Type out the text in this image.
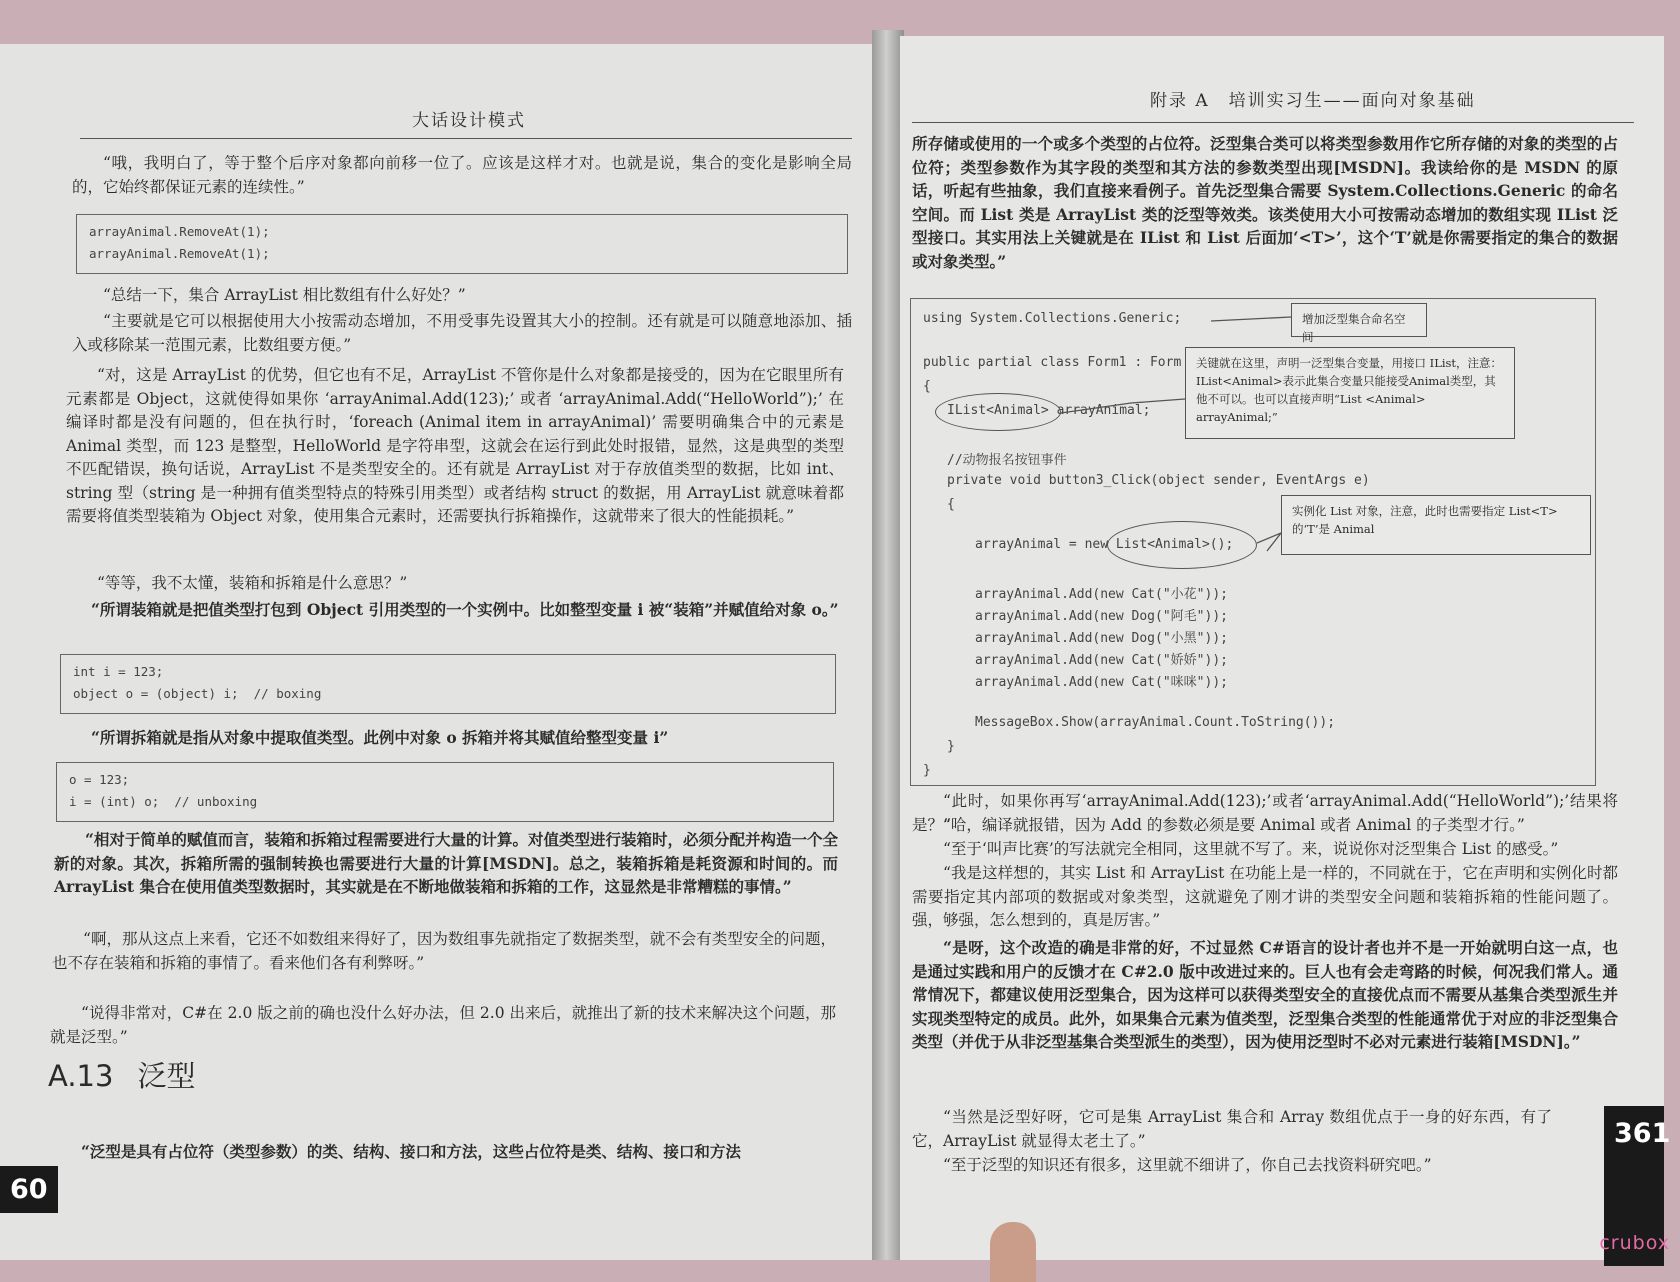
大话设计模式

“哦，我明白了，等于整个后序对象都向前移一位了。应该是这样才对。也就是说，集合的变化是影响全局的，它始终都保证元素的连续性。”

arrayAnimal.RemoveAt(1);
arrayAnimal.RemoveAt(1);

“总结一下，集合 ArrayList 相比数组有什么好处？”

“主要就是它可以根据使用大小按需动态增加，不用受事先设置其大小的控制。还有就是可以随意地添加、插入或移除某一范围元素，比数组要方便。”

“对，这是 ArrayList 的优势，但它也有不足，ArrayList 不管你是什么对象都是接受的，因为在它眼里所有元素都是 Object，这就使得如果你 ‘arrayAnimal.Add(123);’ 或者 ‘arrayAnimal.Add(“HelloWorld”);’ 在编译时都是没有问题的，但在执行时，‘foreach (Animal item in arrayAnimal)’ 需要明确集合中的元素是 Animal 类型，而 123 是整型，HelloWorld 是字符串型，这就会在运行到此处时报错，显然，这是典型的类型不匹配错误，换句话说，ArrayList 不是类型安全的。还有就是 ArrayList 对于存放值类型的数据，比如 int、string 型（string 是一种拥有值类型特点的特殊引用类型）或者结构 struct 的数据，用 ArrayList 就意味着都需要将值类型装箱为 Object 对象，使用集合元素时，还需要执行拆箱操作，这就带来了很大的性能损耗。”

“等等，我不太懂，装箱和拆箱是什么意思？”

“所谓装箱就是把值类型打包到 Object 引用类型的一个实例中。比如整型变量 i 被“装箱”并赋值给对象 o。”

int i = 123;
object o = (object) i;  // boxing

“所谓拆箱就是指从对象中提取值类型。此例中对象 o 拆箱并将其赋值给整型变量 i”

o = 123;
i = (int) o;  // unboxing

“相对于简单的赋值而言，装箱和拆箱过程需要进行大量的计算。对值类型进行装箱时，必须分配并构造一个全新的对象。其次，拆箱所需的强制转换也需要进行大量的计算[MSDN]。总之，装箱拆箱是耗资源和时间的。而 ArrayList 集合在使用值类型数据时，其实就是在不断地做装箱和拆箱的工作，这显然是非常糟糕的事情。”

“啊，那从这点上来看，它还不如数组来得好了，因为数组事先就指定了数据类型，就不会有类型安全的问题，也不存在装箱和拆箱的事情了。看来他们各有利弊呀。”

“说得非常对，C#在 2.0 版之前的确也没什么好办法，但 2.0 出来后，就推出了新的技术来解决这个问题，那就是泛型。”

A.13 泛型

“泛型是具有占位符（类型参数）的类、结构、接口和方法，这些占位符是类、结构、接口和方法

60
附录 A　培训实习生——面向对象基础

所存储或使用的一个或多个类型的占位符。泛型集合类可以将类型参数用作它所存储的对象的类型的占位符；类型参数作为其字段的类型和其方法的参数类型出现[MSDN]。我读给你的是 MSDN 的原话，听起有些抽象，我们直接来看例子。首先泛型集合需要 System.Collections.Generic 的命名空间。而 List 类是 ArrayList 类的泛型等效类。该类使用大小可按需动态增加的数组实现 IList 泛型接口。其实用法上关键就是在 IList 和 List 后面加‘<T>’，这个‘T’就是你需要指定的集合的数据或对象类型。”

using System.Collections.Generic;
public partial class Form1 : Form
{
IList<Animal> arrayAnimal;
//动物报名按钮事件
private void button3_Click(object sender, EventArgs e)
{
arrayAnimal = new List<Animal>();
arrayAnimal.Add(new Cat("小花"));
arrayAnimal.Add(new Dog("阿毛"));
arrayAnimal.Add(new Dog("小黑"));
arrayAnimal.Add(new Cat("娇娇"));
arrayAnimal.Add(new Cat("咪咪"));
MessageBox.Show(arrayAnimal.Count.ToString());
}
}
增加泛型集合命名空间
关键就在这里，声明一泛型集合变量，用接口 IList，注意：IList<Animal>表示此集合变量只能接受Animal类型，其他不可以。也可以直接声明“List <Animal> arrayAnimal;”
实例化 List 对象，注意，此时也需要指定 List<T>的‘T’是 Animal

“此时，如果你再写‘arrayAnimal.Add(123);’或者‘arrayAnimal.Add(“HelloWorld”);’结果将是？”

“哈，编译就报错，因为 Add 的参数必须是要 Animal 或者 Animal 的子类型才行。”

“至于‘叫声比赛’的写法就完全相同，这里就不写了。来，说说你对泛型集合 List 的感受。”

“我是这样想的，其实 List 和 ArrayList 在功能上是一样的，不同就在于，它在声明和实例化时都需要指定其内部项的数据或对象类型，这就避免了刚才讲的类型安全问题和装箱拆箱的性能问题了。强，够强，怎么想到的，真是厉害。”

“是呀，这个改造的确是非常的好，不过显然 C#语言的设计者也并不是一开始就明白这一点，也是通过实践和用户的反馈才在 C#2.0 版中改进过来的。巨人也有会走弯路的时候，何况我们常人。通常情况下，都建议使用泛型集合，因为这样可以获得类型安全的直接优点而不需要从基集合类型派生并实现类型特定的成员。此外，如果集合元素为值类型，泛型集合类型的性能通常优于对应的非泛型集合类型（并优于从非泛型基集合类型派生的类型），因为使用泛型时不必对元素进行装箱[MSDN]。”

“当然是泛型好呀，它可是集 ArrayList 集合和 Array 数组优点于一身的好东西，有了它，ArrayList 就显得太老土了。”

“至于泛型的知识还有很多，这里就不细讲了，你自己去找资料研究吧。”

361
crubox
